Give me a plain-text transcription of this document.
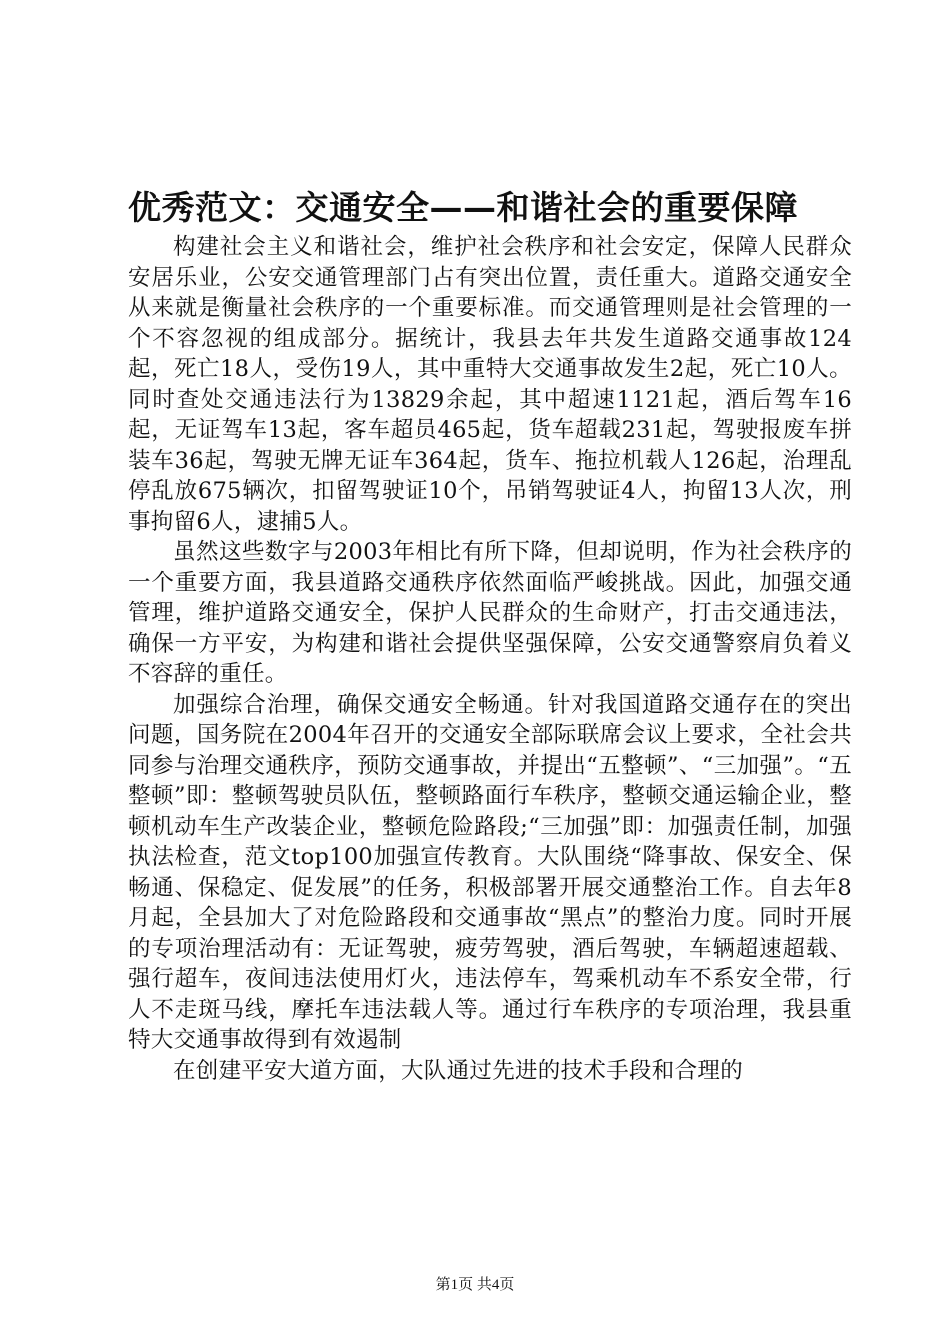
优秀范文：交通安全——和谐社会的重要保障

构建社会主义和谐社会，维护社会秩序和社会安定，保障人民群众安居乐业，公安交通管理部门占有突出位置，责任重大。道路交通安全从来就是衡量社会秩序的一个重要标准。而交通管理则是社会管理的一个不容忽视的组成部分。据统计，我县去年共发生道路交通事故124起，死亡18人，受伤19人，其中重特大交通事故发生2起，死亡10人。同时查处交通违法行为13829余起，其中超速1121起，酒后驾车16起，无证驾车13起，客车超员465起，货车超载231起，驾驶报废车拼装车36起，驾驶无牌无证车364起，货车、拖拉机载人126起，治理乱停乱放675辆次，扣留驾驶证10个，吊销驾驶证4人，拘留13人次，刑事拘留6人，逮捕5人。

虽然这些数字与2003年相比有所下降，但却说明，作为社会秩序的一个重要方面，我县道路交通秩序依然面临严峻挑战。因此，加强交通管理，维护道路交通安全，保护人民群众的生命财产，打击交通违法，确保一方平安，为构建和谐社会提供坚强保障，公安交通警察肩负着义不容辞的重任。

加强综合治理，确保交通安全畅通。针对我国道路交通存在的突出问题，国务院在2004年召开的交通安全部际联席会议上要求，全社会共同参与治理交通秩序，预防交通事故，并提出“五整顿”、“三加强”。“五整顿”即：整顿驾驶员队伍，整顿路面行车秩序，整顿交通运输企业，整顿机动车生产改装企业，整顿危险路段;“三加强”即：加强责任制，加强执法检查，范文top100加强宣传教育。大队围绕“降事故、保安全、保畅通、保稳定、促发展”的任务，积极部署开展交通整治工作。自去年8月起，全县加大了对危险路段和交通事故“黑点”的整治力度。同时开展的专项治理活动有：无证驾驶，疲劳驾驶，酒后驾驶，车辆超速超载、强行超车，夜间违法使用灯火，违法停车，驾乘机动车不系安全带，行人不走斑马线，摩托车违法载人等。通过行车秩序的专项治理，我县重特大交通事故得到有效遏制

在创建平安大道方面，大队通过先进的技术手段和合理的

第1页 共4页
